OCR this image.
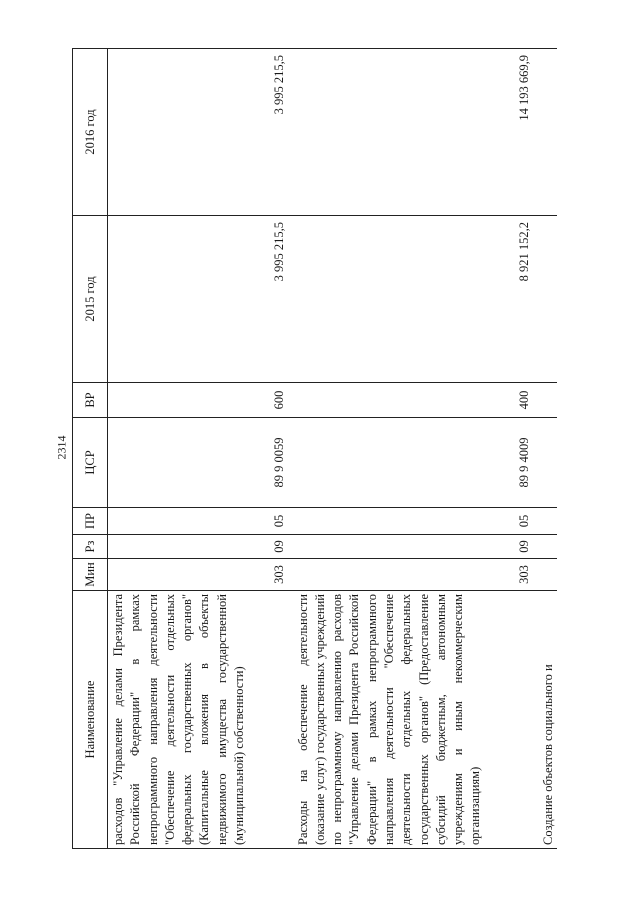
2314
Наименование	Мин	Рз	ПР	ЦСР	ВР	2015 год	2016 год
расходов "Управление делами Президента Российской Федерации" в рамках непрограммного направления деятельности "Обеспечение деятельности отдельных федеральных государственных органов" (Капитальные вложения в объекты недвижимого имущества государственной (муниципальной) собственности)	303	09	05	89 9 0059	600	3 995 215,5	3 995 215,5
Расходы на обеспечение деятельности (оказание услуг) государственных учреждений по непрограммному направлению расходов "Управление делами Президента Российской Федерации" в рамках непрограммного направления деятельности "Обеспечение деятельности отдельных федеральных государственных органов" (Предоставление субсидий бюджетным, автономным учреждениям и иным некоммерческим организациям)	303	09	05	89 9 4009	400	8 921 152,2	14 193 669,9
Создание объектов социального и							
